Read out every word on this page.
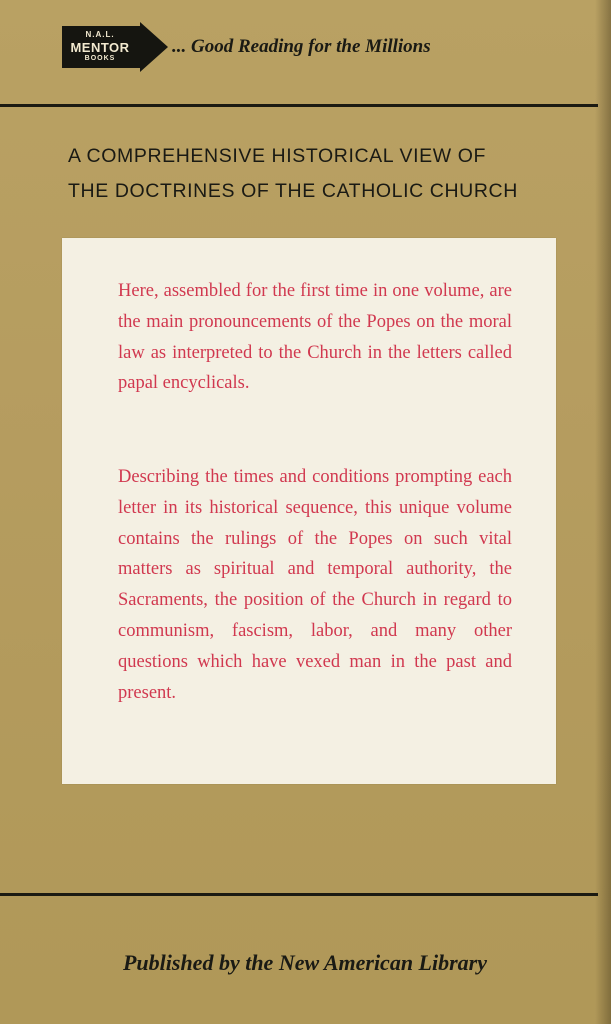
N.A.L.
MENTOR
BOOKS
... Good Reading for the Millions
A COMPREHENSIVE HISTORICAL VIEW OF
THE DOCTRINES OF THE CATHOLIC CHURCH

Here, assembled for the first time in one volume, are the main pronouncements of the Popes on the moral law as interpreted to the Church in the letters called papal encyclicals.

Describing the times and conditions prompting each letter in its historical sequence, this unique volume contains the rulings of the Popes on such vital matters as spiritual and temporal authority, the Sacraments, the position of the Church in regard to communism, fascism, labor, and many other questions which have vexed man in the past and present.

Published by the New American Library
